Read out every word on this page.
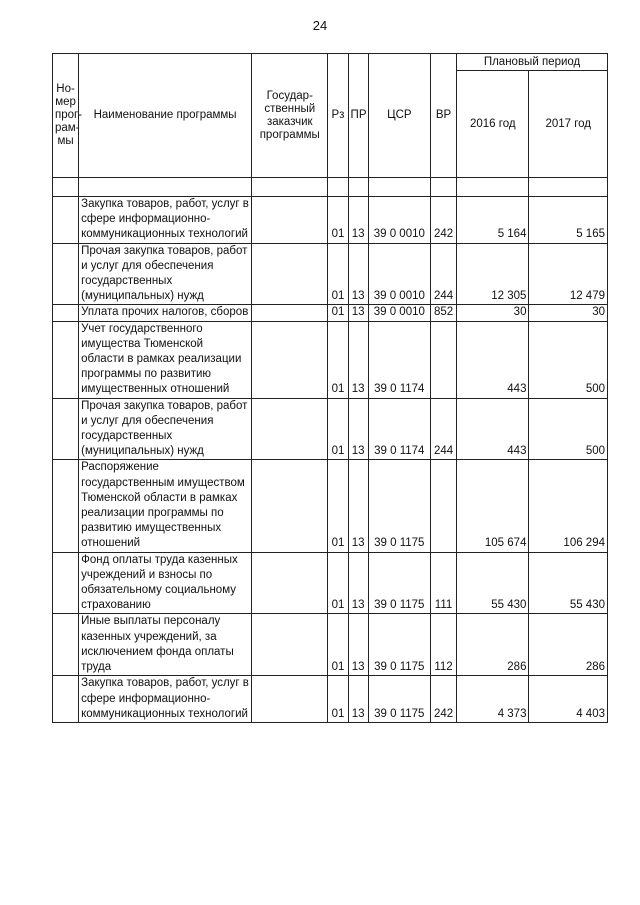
24
Но-
мер
прог-
рам-
мы	Наименование программы	Государ-
ственный
заказчик
программы	Рз	ПР	ЦСР	ВР	Плановый период	
							2016 год	2017 год

	Закупка товаров, работ, услуг в сфере информационно-коммуникационных технологий		01	13	39 0 0010	242	5 164	5 165
	Прочая закупка товаров, работ и услуг для обеспечения государственных (муниципальных) нужд		01	13	39 0 0010	244	12 305	12 479
	Уплата прочих налогов, сборов		01	13	39 0 0010	852	30	30
	Учет государственного имущества Тюменской области в рамках реализации программы по развитию имущественных отношений		01	13	39 0 1174		443	500
	Прочая закупка товаров, работ и услуг для обеспечения государственных (муниципальных) нужд		01	13	39 0 1174	244	443	500
	Распоряжение государственным имуществом Тюменской области в рамках реализации программы по развитию имущественных отношений		01	13	39 0 1175		105 674	106 294
	Фонд оплаты труда казенных учреждений и взносы по обязательному социальному страхованию		01	13	39 0 1175	111	55 430	55 430
	Иные выплаты персоналу казенных учреждений, за исключением фонда оплаты труда		01	13	39 0 1175	112	286	286
	Закупка товаров, работ, услуг в сфере информационно-коммуникационных технологий		01	13	39 0 1175	242	4 373	4 403
